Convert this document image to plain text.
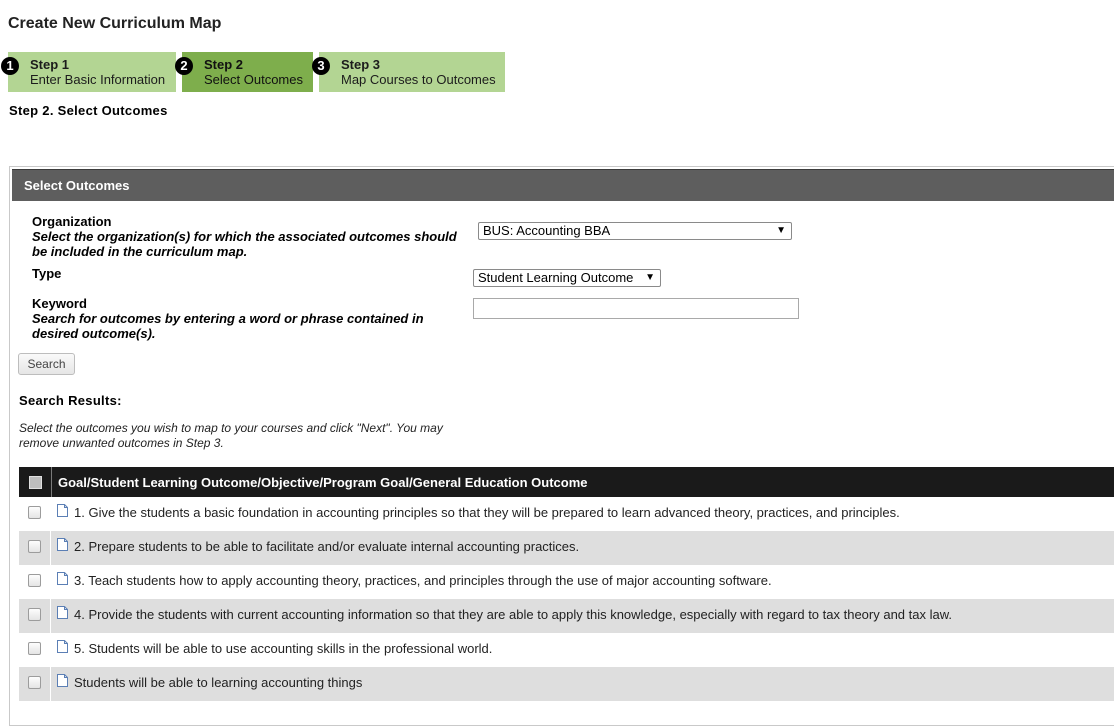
Create New Curriculum Map
1	Step 1
Enter Basic Information
2	Step 2
Select Outcomes
3	Step 3
Map Courses to Outcomes
Step 2. Select Outcomes
Select Outcomes
Organization
Select the organization(s) for which the associated outcomes should be included in the curriculum map.
BUS: Accounting BBA	▼
Type	Student Learning Outcome ▼
Keyword
Search for outcomes by entering a word or phrase contained in desired outcome(s).
Search
Search Results:
Select the outcomes you wish to map to your courses and click "Next". You may remove unwanted outcomes in Step 3.
Goal/Student Learning Outcome/Objective/Program Goal/General Education Outcome
1. Give the students a basic foundation in accounting principles so that they will be prepared to learn advanced theory, practices, and principles.
2. Prepare students to be able to facilitate and/or evaluate internal accounting practices.
3. Teach students how to apply accounting theory, practices, and principles through the use of major accounting software.
4. Provide the students with current accounting information so that they are able to apply this knowledge, especially with regard to tax theory and tax law.
5. Students will be able to use accounting skills in the professional world.
Students will be able to learning accounting things
